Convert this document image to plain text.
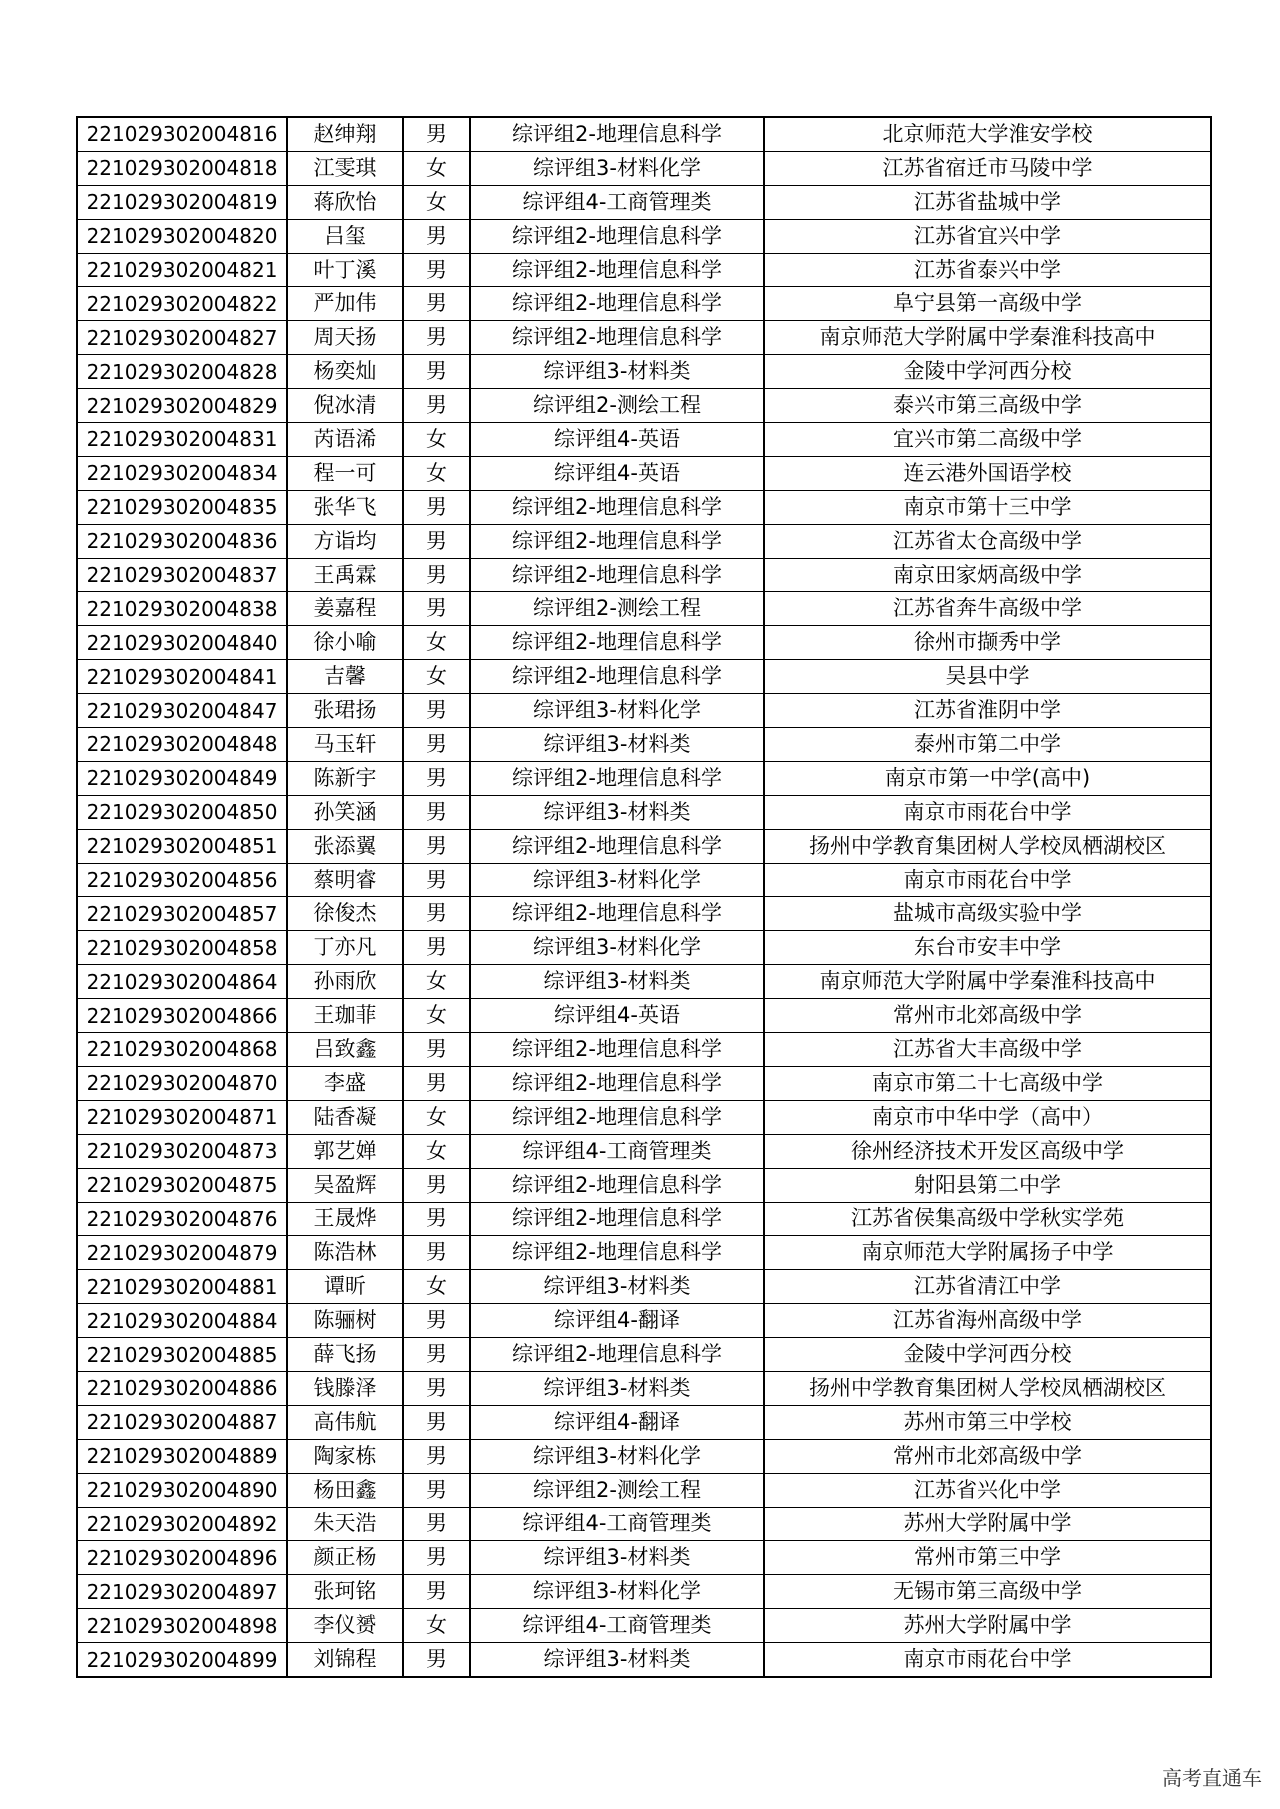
221029302004816	赵绅翔	男	综评组2-地理信息科学	北京师范大学淮安学校
221029302004818	江雯琪	女	综评组3-材料化学	江苏省宿迁市马陵中学
221029302004819	蒋欣怡	女	综评组4-工商管理类	江苏省盐城中学
221029302004820	吕玺	男	综评组2-地理信息科学	江苏省宜兴中学
221029302004821	叶丁溪	男	综评组2-地理信息科学	江苏省泰兴中学
221029302004822	严加伟	男	综评组2-地理信息科学	阜宁县第一高级中学
221029302004827	周天扬	男	综评组2-地理信息科学	南京师范大学附属中学秦淮科技高中
221029302004828	杨奕灿	男	综评组3-材料类	金陵中学河西分校
221029302004829	倪冰清	男	综评组2-测绘工程	泰兴市第三高级中学
221029302004831	芮语浠	女	综评组4-英语	宜兴市第二高级中学
221029302004834	程一可	女	综评组4-英语	连云港外国语学校
221029302004835	张华飞	男	综评组2-地理信息科学	南京市第十三中学
221029302004836	方诣均	男	综评组2-地理信息科学	江苏省太仓高级中学
221029302004837	王禹霖	男	综评组2-地理信息科学	南京田家炳高级中学
221029302004838	姜嘉程	男	综评组2-测绘工程	江苏省奔牛高级中学
221029302004840	徐小喻	女	综评组2-地理信息科学	徐州市撷秀中学
221029302004841	吉馨	女	综评组2-地理信息科学	吴县中学
221029302004847	张珺扬	男	综评组3-材料化学	江苏省淮阴中学
221029302004848	马玉轩	男	综评组3-材料类	泰州市第二中学
221029302004849	陈新宇	男	综评组2-地理信息科学	南京市第一中学(高中)
221029302004850	孙笑涵	男	综评组3-材料类	南京市雨花台中学
221029302004851	张添翼	男	综评组2-地理信息科学	扬州中学教育集团树人学校凤栖湖校区
221029302004856	蔡明睿	男	综评组3-材料化学	南京市雨花台中学
221029302004857	徐俊杰	男	综评组2-地理信息科学	盐城市高级实验中学
221029302004858	丁亦凡	男	综评组3-材料化学	东台市安丰中学
221029302004864	孙雨欣	女	综评组3-材料类	南京师范大学附属中学秦淮科技高中
221029302004866	王珈菲	女	综评组4-英语	常州市北郊高级中学
221029302004868	吕致鑫	男	综评组2-地理信息科学	江苏省大丰高级中学
221029302004870	李盛	男	综评组2-地理信息科学	南京市第二十七高级中学
221029302004871	陆香凝	女	综评组2-地理信息科学	南京市中华中学（高中）
221029302004873	郭艺婵	女	综评组4-工商管理类	徐州经济技术开发区高级中学
221029302004875	吴盈辉	男	综评组2-地理信息科学	射阳县第二中学
221029302004876	王晟烨	男	综评组2-地理信息科学	江苏省侯集高级中学秋实学苑
221029302004879	陈浩林	男	综评组2-地理信息科学	南京师范大学附属扬子中学
221029302004881	谭昕	女	综评组3-材料类	江苏省清江中学
221029302004884	陈骊树	男	综评组4-翻译	江苏省海州高级中学
221029302004885	薛飞扬	男	综评组2-地理信息科学	金陵中学河西分校
221029302004886	钱滕泽	男	综评组3-材料类	扬州中学教育集团树人学校凤栖湖校区
221029302004887	高伟航	男	综评组4-翻译	苏州市第三中学校
221029302004889	陶家栋	男	综评组3-材料化学	常州市北郊高级中学
221029302004890	杨田鑫	男	综评组2-测绘工程	江苏省兴化中学
221029302004892	朱天浩	男	综评组4-工商管理类	苏州大学附属中学
221029302004896	颜正杨	男	综评组3-材料类	常州市第三中学
221029302004897	张珂铭	男	综评组3-材料化学	无锡市第三高级中学
221029302004898	李仪赟	女	综评组4-工商管理类	苏州大学附属中学
221029302004899	刘锦程	男	综评组3-材料类	南京市雨花台中学
高考直通车
